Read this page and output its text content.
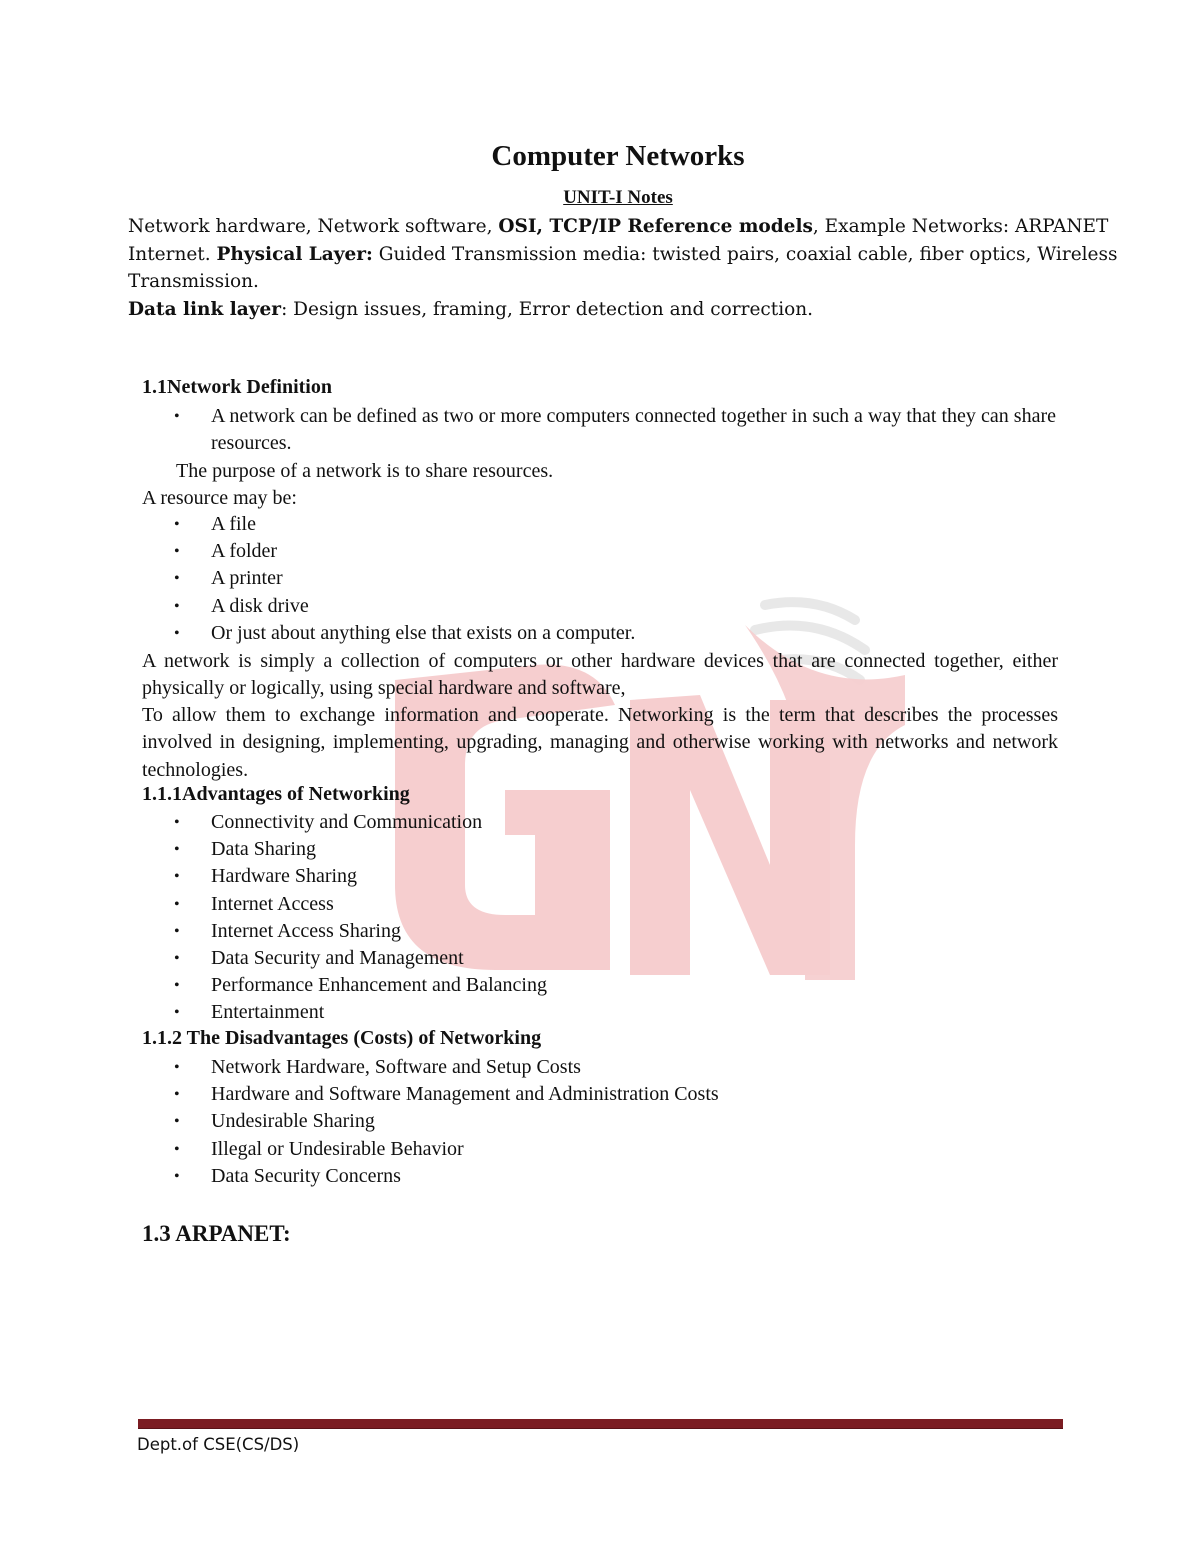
Computer Networks
UNIT-I Notes
Network hardware, Network software, OSI, TCP/IP Reference models, Example Networks: ARPANET Internet. Physical Layer: Guided Transmission media: twisted pairs, coaxial cable, fiber optics, Wireless Transmission.
Data link layer: Design issues, framing, Error detection and correction.
1.1Network Definition
• A network can be defined as two or more computers connected together in such a way that they can share resources.
The purpose of a network is to share resources.
A resource may be:
• A file
• A folder
• A printer
• A disk drive
• Or just about anything else that exists on a computer.
A network is simply a collection of computers or other hardware devices that are connected together, either physically or logically, using special hardware and software,
To allow them to exchange information and cooperate. Networking is the term that describes the processes involved in designing, implementing, upgrading, managing and otherwise working with networks and network technologies.
1.1.1Advantages of Networking
• Connectivity and Communication
• Data Sharing
• Hardware Sharing
• Internet Access
• Internet Access Sharing
• Data Security and Management
• Performance Enhancement and Balancing
• Entertainment
1.1.2 The Disadvantages (Costs) of Networking
• Network Hardware, Software and Setup Costs
• Hardware and Software Management and Administration Costs
• Undesirable Sharing
• Illegal or Undesirable Behavior
• Data Security Concerns
1.3 ARPANET:
Dept.of CSE(CS/DS)
